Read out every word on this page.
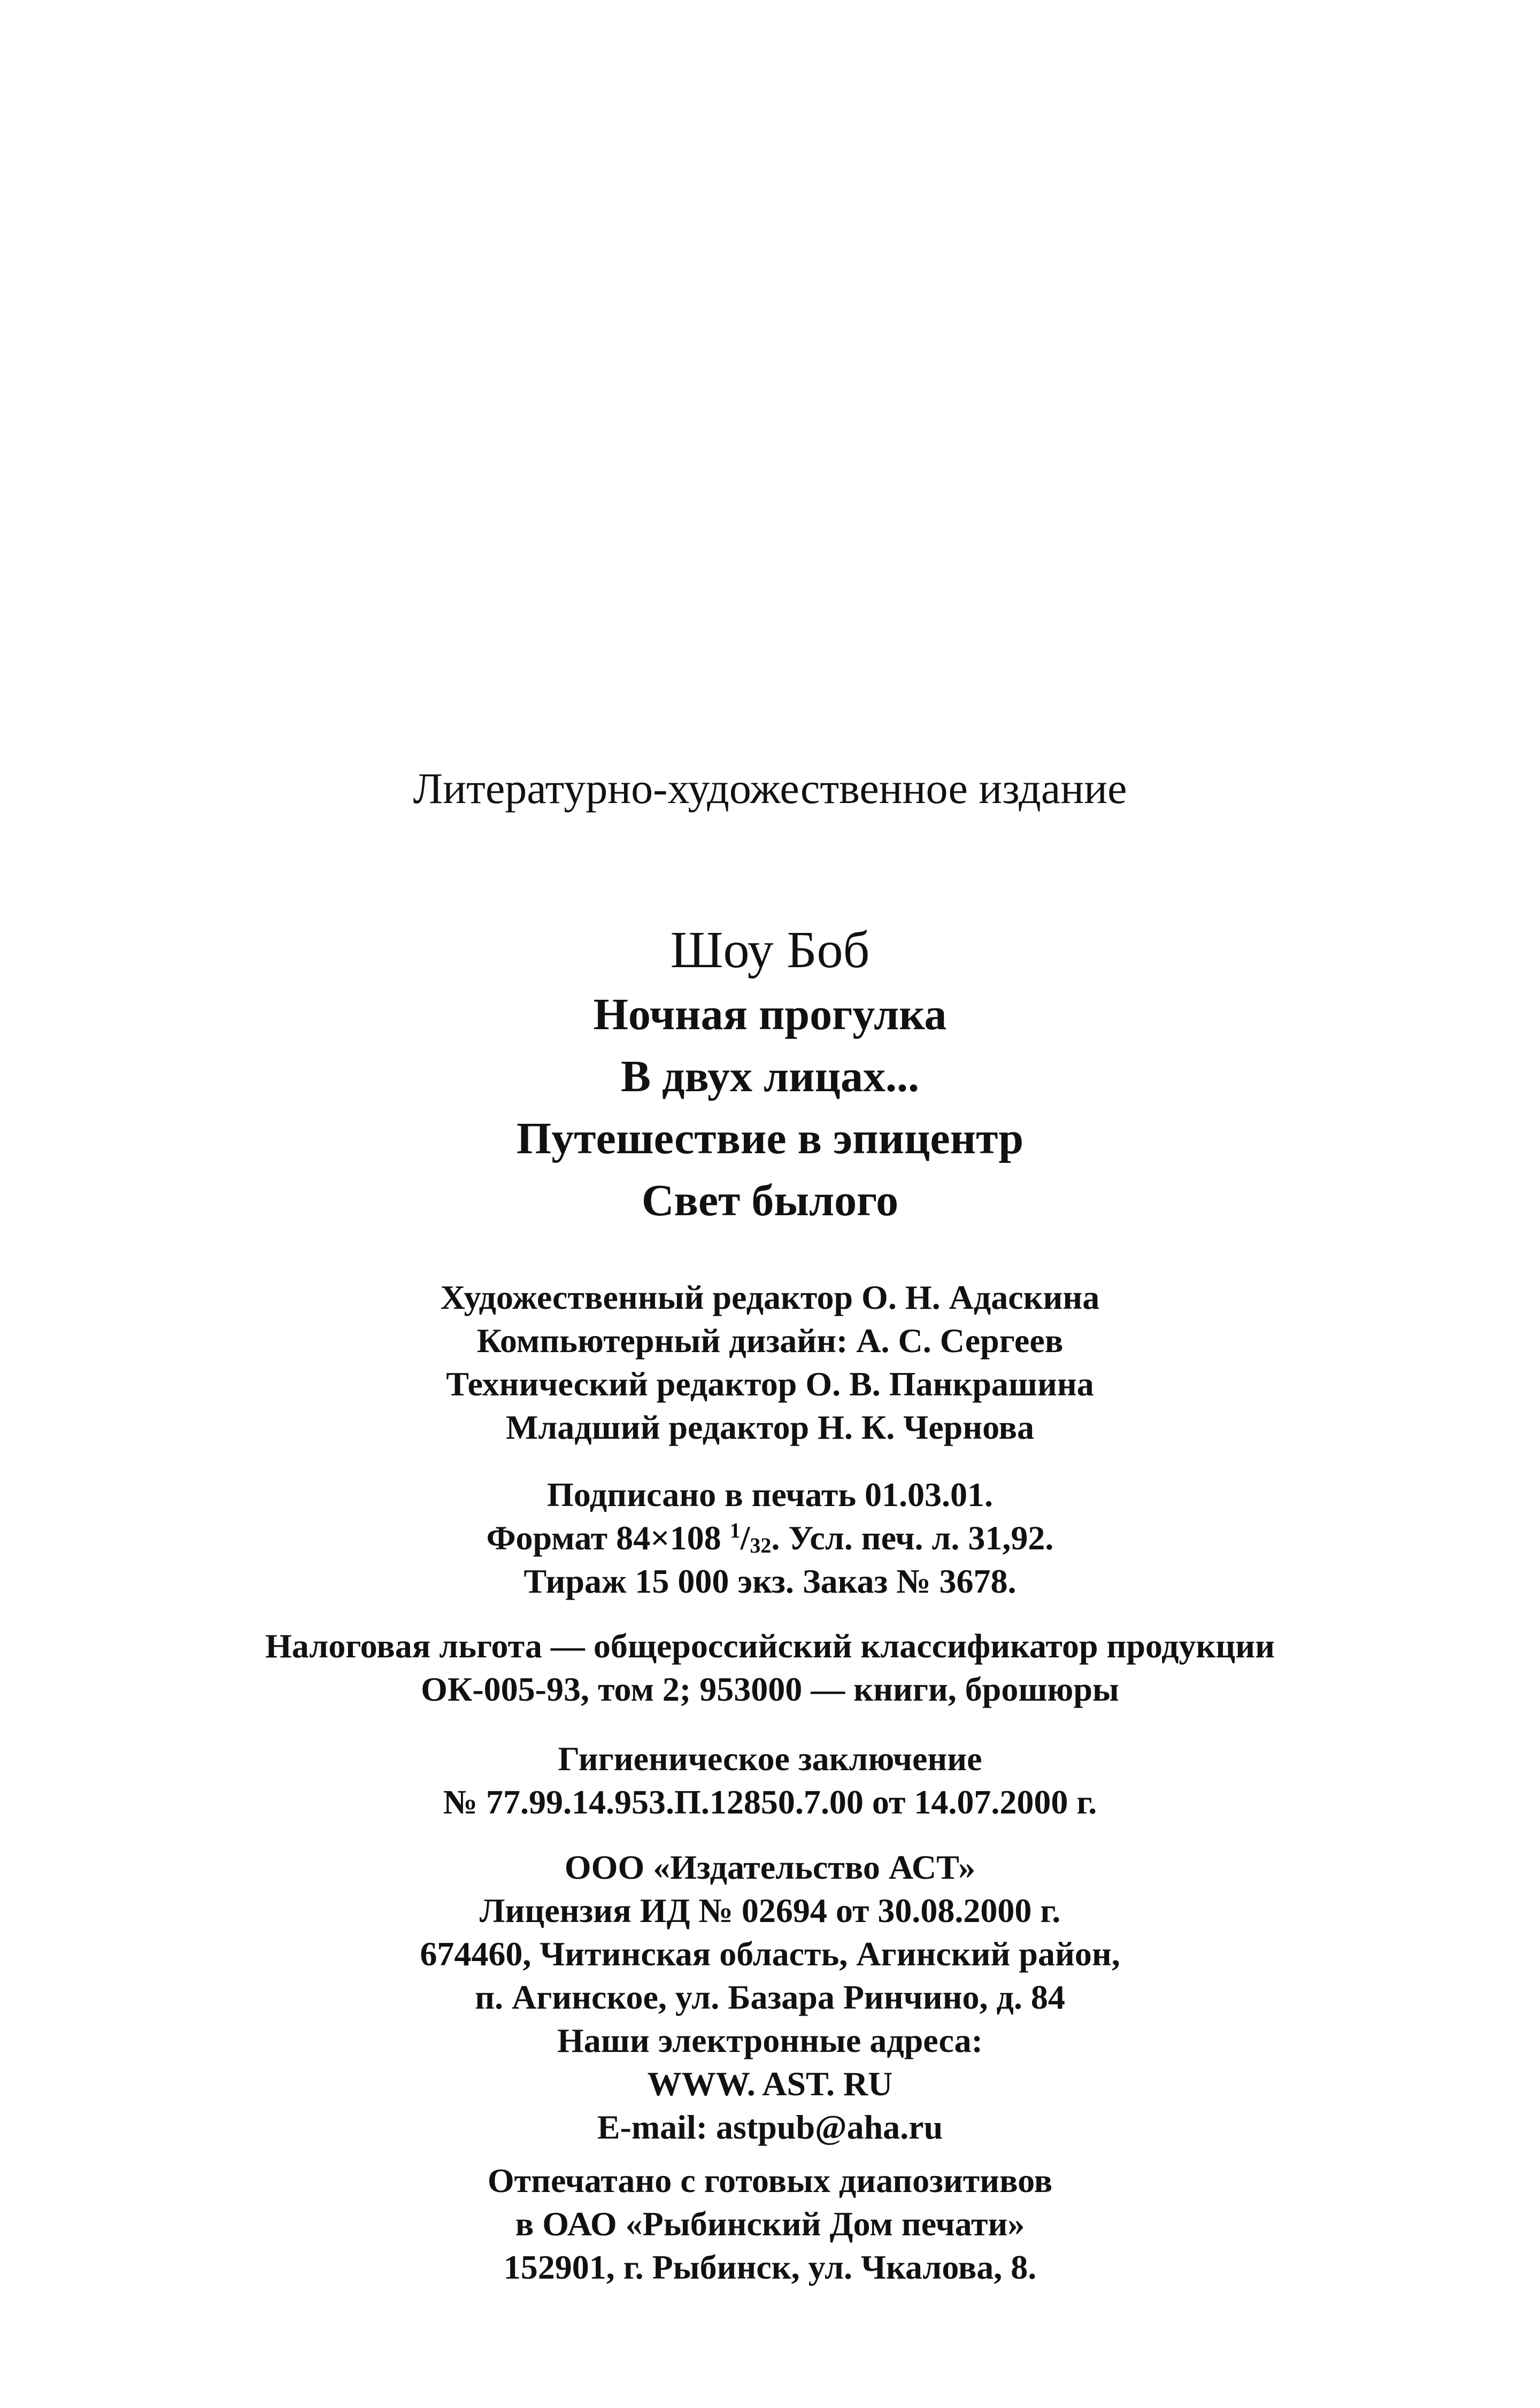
Литературно-художественное издание
Шоу Боб
Ночная прогулка
В двух лицах...
Путешествие в эпицентр
Свет былого
Художественный редактор О. Н. Адаскина
Компьютерный дизайн: А. С. Сергеев
Технический редактор О. В. Панкрашина
Младший редактор Н. К. Чернова
Подписано в печать 01.03.01.
Формат 84×108 $^1/_{32}$. Усл. печ. л. 31,92.
Тираж 15 000 экз. Заказ № 3678.
Налоговая льгота — общероссийский классификатор продукции
ОК-005-93, том 2; 953000 — книги, брошюры
Гигиеническое заключение
№ 77.99.14.953.П.12850.7.00 от 14.07.2000 г.
ООО «Издательство АСТ»
Лицензия ИД № 02694 от 30.08.2000 г.
674460, Читинская область, Агинский район,
п. Агинское, ул. Базара Ринчино, д. 84
Наши электронные адреса:
WWW. AST. RU
E-mail: astpub@aha.ru
Отпечатано с готовых диапозитивов
в ОАО «Рыбинский Дом печати»
152901, г. Рыбинск, ул. Чкалова, 8.
